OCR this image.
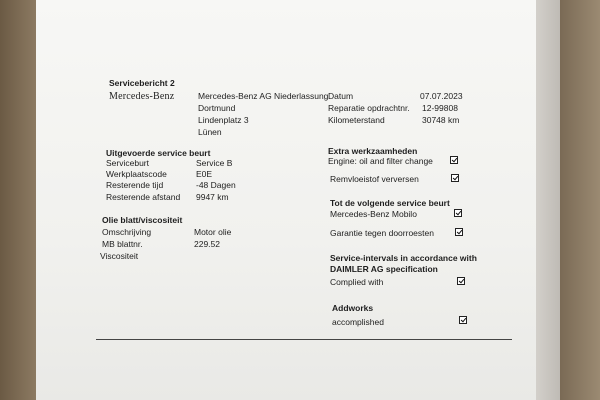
Servicebericht 2
Mercedes-Benz	Mercedes-Benz AG Niederlassung
Dortmund
Lindenplatz 3
Lünen
Datum	07.07.2023
Reparatie opdrachtnr. 12-99808
Kilometerstand	30748 km
Uitgevoerde service beurt
Serviceburt	Service B
Werkplaatscode	E0E
Resterende tijd	-48 Dagen
Resterende afstand 9947 km
Olie blatt/viscositeit
Omschrijving	Motor olie
MB blattnr.	229.52
Viscositeit
Extra werkzaamheden
Engine: oil and filter change
Remvloeistof verversen
Tot de volgende service beurt
Mercedes-Benz Mobilo
Garantie tegen doorroesten
Service-intervals in accordance with
DAIMLER AG specification
Complied with
Addworks
accomplished
